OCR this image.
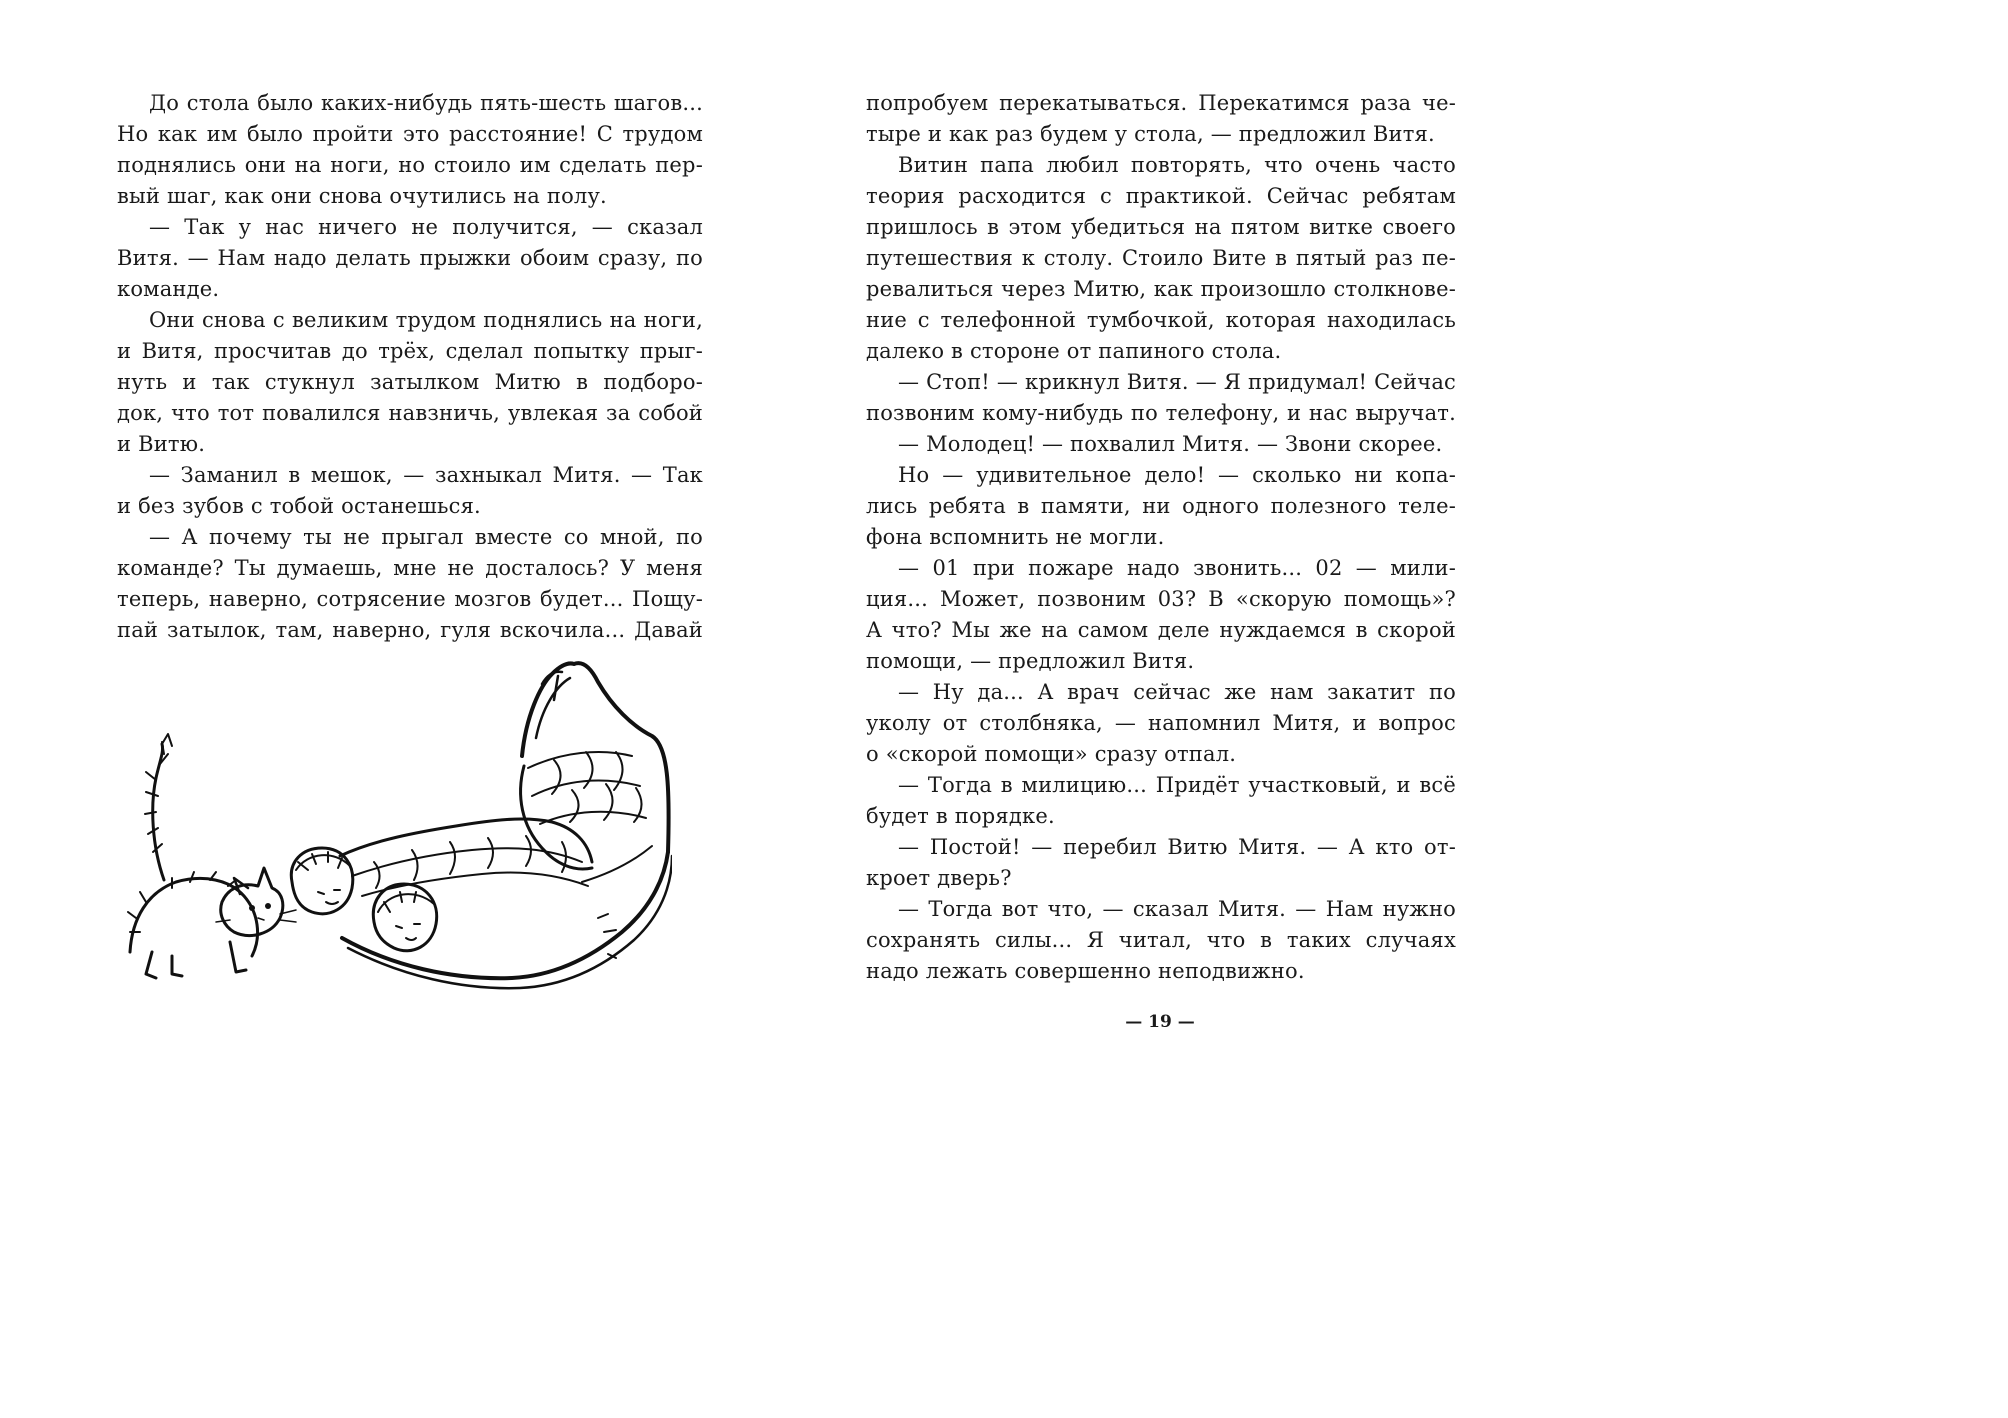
До стола было каких-нибудь пять-шесть шагов...
Но как им было пройти это расстояние! С трудом
поднялись они на ноги, но стоило им сделать пер-
вый шаг, как они снова очутились на полу.
— Так у нас ничего не получится, — сказал
Витя. — Нам надо делать прыжки обоим сразу, по
команде.
Они снова с великим трудом поднялись на ноги,
и Витя, просчитав до трёх, сделал попытку прыг-
нуть и так стукнул затылком Митю в подборо-
док, что тот повалился навзничь, увлекая за собой
и Витю.
— Заманил в мешок, — захныкал Митя. — Так
и без зубов с тобой останешься.
— А почему ты не прыгал вместе со мной, по
команде? Ты думаешь, мне не досталось? У меня
теперь, наверно, сотрясение мозгов будет... Пощу-
пай затылок, там, наверно, гуля вскочила... Давай
попробуем перекатываться. Перекатимся раза че-
тыре и как раз будем у стола, — предложил Витя.
Витин папа любил повторять, что очень часто
теория расходится с практикой. Сейчас ребятам
пришлось в этом убедиться на пятом витке своего
путешествия к столу. Стоило Вите в пятый раз пе-
ревалиться через Митю, как произошло столкнове-
ние с телефонной тумбочкой, которая находилась
далеко в стороне от папиного стола.
— Стоп! — крикнул Витя. — Я придумал! Сейчас
позвоним кому-нибудь по телефону, и нас выручат.
— Молодец! — похвалил Митя. — Звони скорее.
Но — удивительное дело! — сколько ни копа-
лись ребята в памяти, ни одного полезного теле-
фона вспомнить не могли.
— 01 при пожаре надо звонить... 02 — мили-
ция... Может, позвоним 03? В «скорую помощь»?
А что? Мы же на самом деле нуждаемся в скорой
помощи, — предложил Витя.
— Ну да... А врач сейчас же нам закатит по
уколу от столбняка, — напомнил Митя, и вопрос
о «скорой помощи» сразу отпал.
— Тогда в милицию... Придёт участковый, и всё
будет в порядке.
— Постой! — перебил Витю Митя. — А кто от-
кроет дверь?
— Тогда вот что, — сказал Митя. — Нам нужно
сохранять силы... Я читал, что в таких случаях
надо лежать совершенно неподвижно.
— 19 —
